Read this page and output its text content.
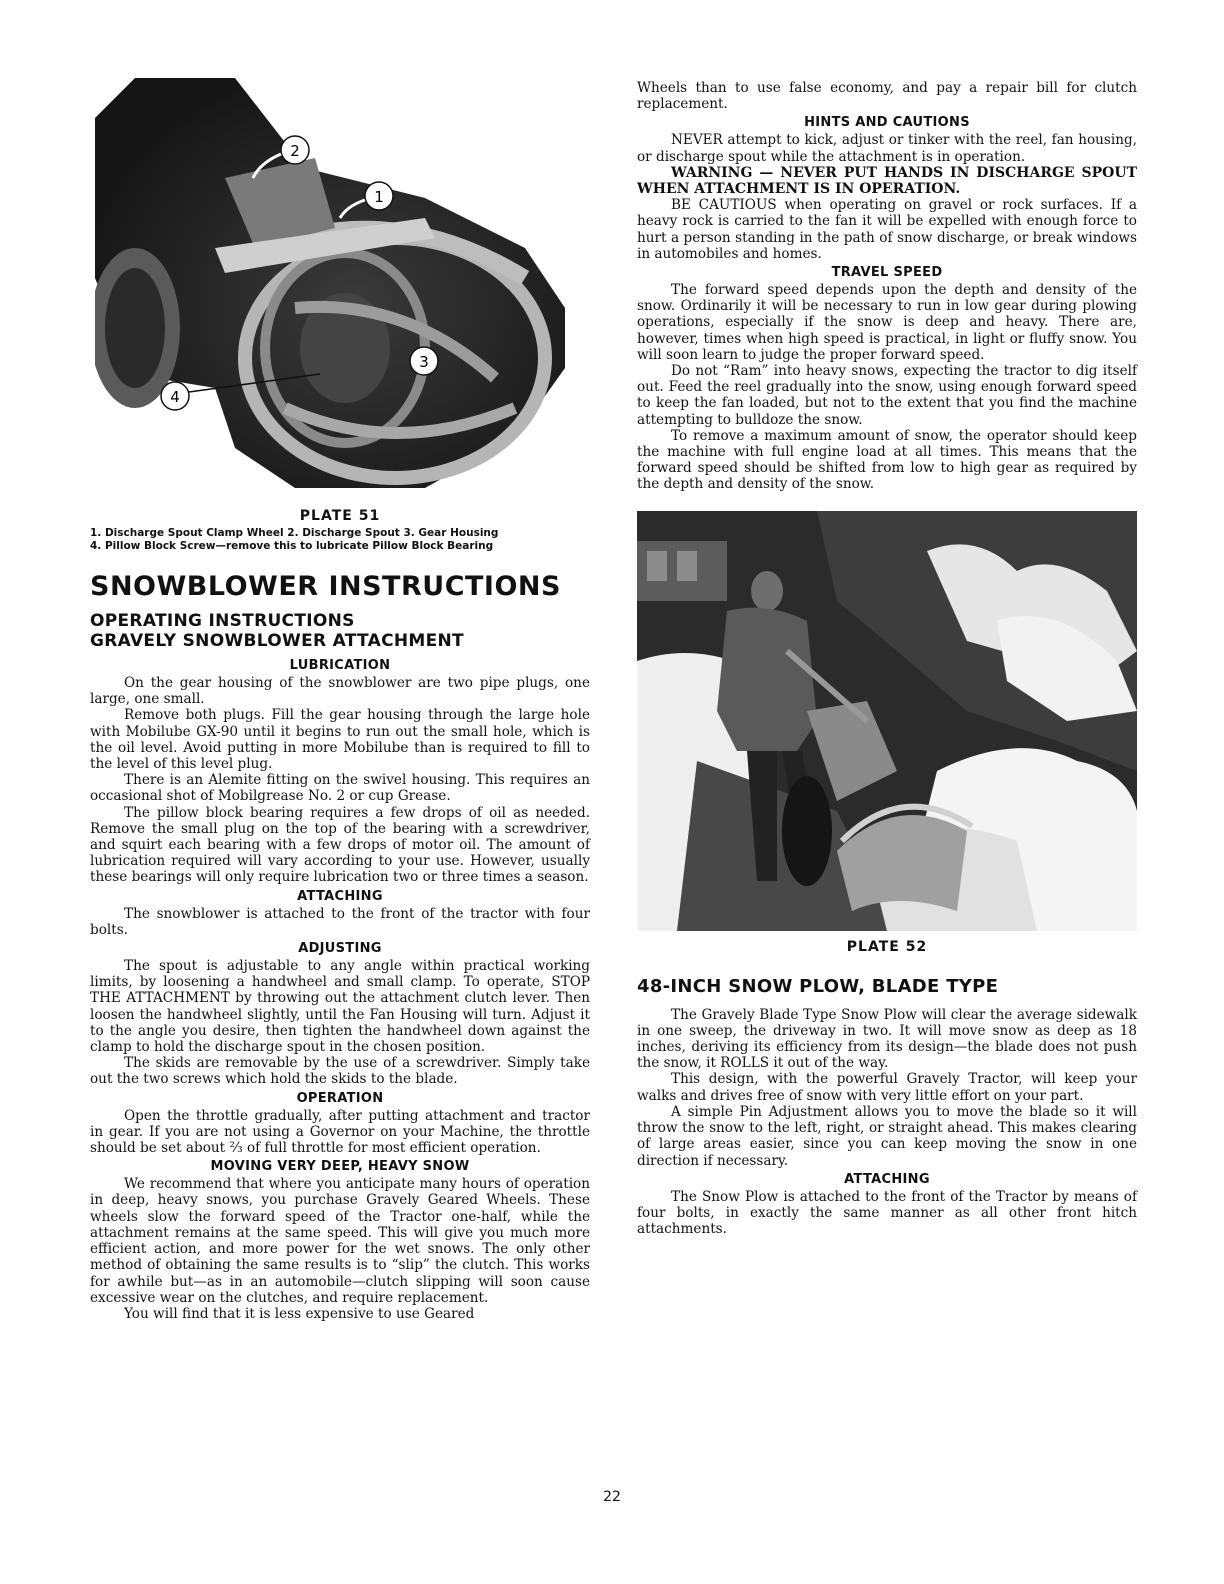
2
1
3
4
PLATE 51
1. Discharge Spout Clamp Wheel 2. Discharge Spout 3. Gear Housing
4. Pillow Block Screw—remove this to lubricate Pillow Block Bearing
SNOWBLOWER INSTRUCTIONS
OPERATING INSTRUCTIONS
GRAVELY SNOWBLOWER ATTACHMENT
LUBRICATION

On the gear housing of the snowblower are two pipe plugs, one large, one small.

Remove both plugs. Fill the gear housing through the large hole with Mobilube GX-90 until it begins to run out the small hole, which is the oil level. Avoid putting in more Mobilube than is required to fill to the level of this level plug.

There is an Alemite fitting on the swivel housing. This requires an occasional shot of Mobilgrease No. 2 or cup Grease.

The pillow block bearing requires a few drops of oil as needed. Remove the small plug on the top of the bearing with a screwdriver, and squirt each bearing with a few drops of motor oil. The amount of lubrication required will vary according to your use. However, usually these bearings will only require lubrication two or three times a season.

ATTACHING

The snowblower is attached to the front of the tractor with four bolts.

ADJUSTING

The spout is adjustable to any angle within practical working limits, by loosening a handwheel and small clamp. To operate, STOP THE ATTACHMENT by throwing out the attachment clutch lever. Then loosen the handwheel slightly, until the Fan Housing will turn. Adjust it to the angle you desire, then tighten the handwheel down against the clamp to hold the discharge spout in the chosen position.

The skids are removable by the use of a screwdriver. Simply take out the two screws which hold the skids to the blade.

OPERATION

Open the throttle gradually, after putting attachment and tractor in gear. If you are not using a Governor on your Machine, the throttle should be set about ⅔ of full throttle for most efficient operation.

MOVING VERY DEEP, HEAVY SNOW

We recommend that where you anticipate many hours of operation in deep, heavy snows, you purchase Gravely Geared Wheels. These wheels slow the forward speed of the Tractor one-half, while the attachment remains at the same speed. This will give you much more efficient action, and more power for the wet snows. The only other method of obtaining the same results is to “slip” the clutch. This works for awhile but—as in an automobile—clutch slipping will soon cause excessive wear on the clutches, and require replacement.

You will find that it is less expensive to use Geared

Wheels than to use false economy, and pay a repair bill for clutch replacement.

HINTS AND CAUTIONS

NEVER attempt to kick, adjust or tinker with the reel, fan housing, or discharge spout while the attachment is in operation.

WARNING — NEVER PUT HANDS IN DISCHARGE SPOUT WHEN ATTACHMENT IS IN OPERATION.

BE CAUTIOUS when operating on gravel or rock surfaces. If a heavy rock is carried to the fan it will be expelled with enough force to hurt a person standing in the path of snow discharge, or break windows in automobiles and homes.

TRAVEL SPEED

The forward speed depends upon the depth and density of the snow. Ordinarily it will be necessary to run in low gear during plowing operations, especially if the snow is deep and heavy. There are, however, times when high speed is practical, in light or fluffy snow. You will soon learn to judge the proper forward speed.

Do not “Ram” into heavy snows, expecting the tractor to dig itself out. Feed the reel gradually into the snow, using enough forward speed to keep the fan loaded, but not to the extent that you find the machine attempting to bulldoze the snow.

To remove a maximum amount of snow, the operator should keep the machine with full engine load at all times. This means that the forward speed should be shifted from low to high gear as required by the depth and density of the snow.

PLATE 52
48-INCH SNOW PLOW, BLADE TYPE

The Gravely Blade Type Snow Plow will clear the average sidewalk in one sweep, the driveway in two. It will move snow as deep as 18 inches, deriving its efficiency from its design—the blade does not push the snow, it ROLLS it out of the way.

This design, with the powerful Gravely Tractor, will keep your walks and drives free of snow with very little effort on your part.

A simple Pin Adjustment allows you to move the blade so it will throw the snow to the left, right, or straight ahead. This makes clearing of large areas easier, since you can keep moving the snow in one direction if necessary.

ATTACHING

The Snow Plow is attached to the front of the Tractor by means of four bolts, in exactly the same manner as all other front hitch attachments.

22
